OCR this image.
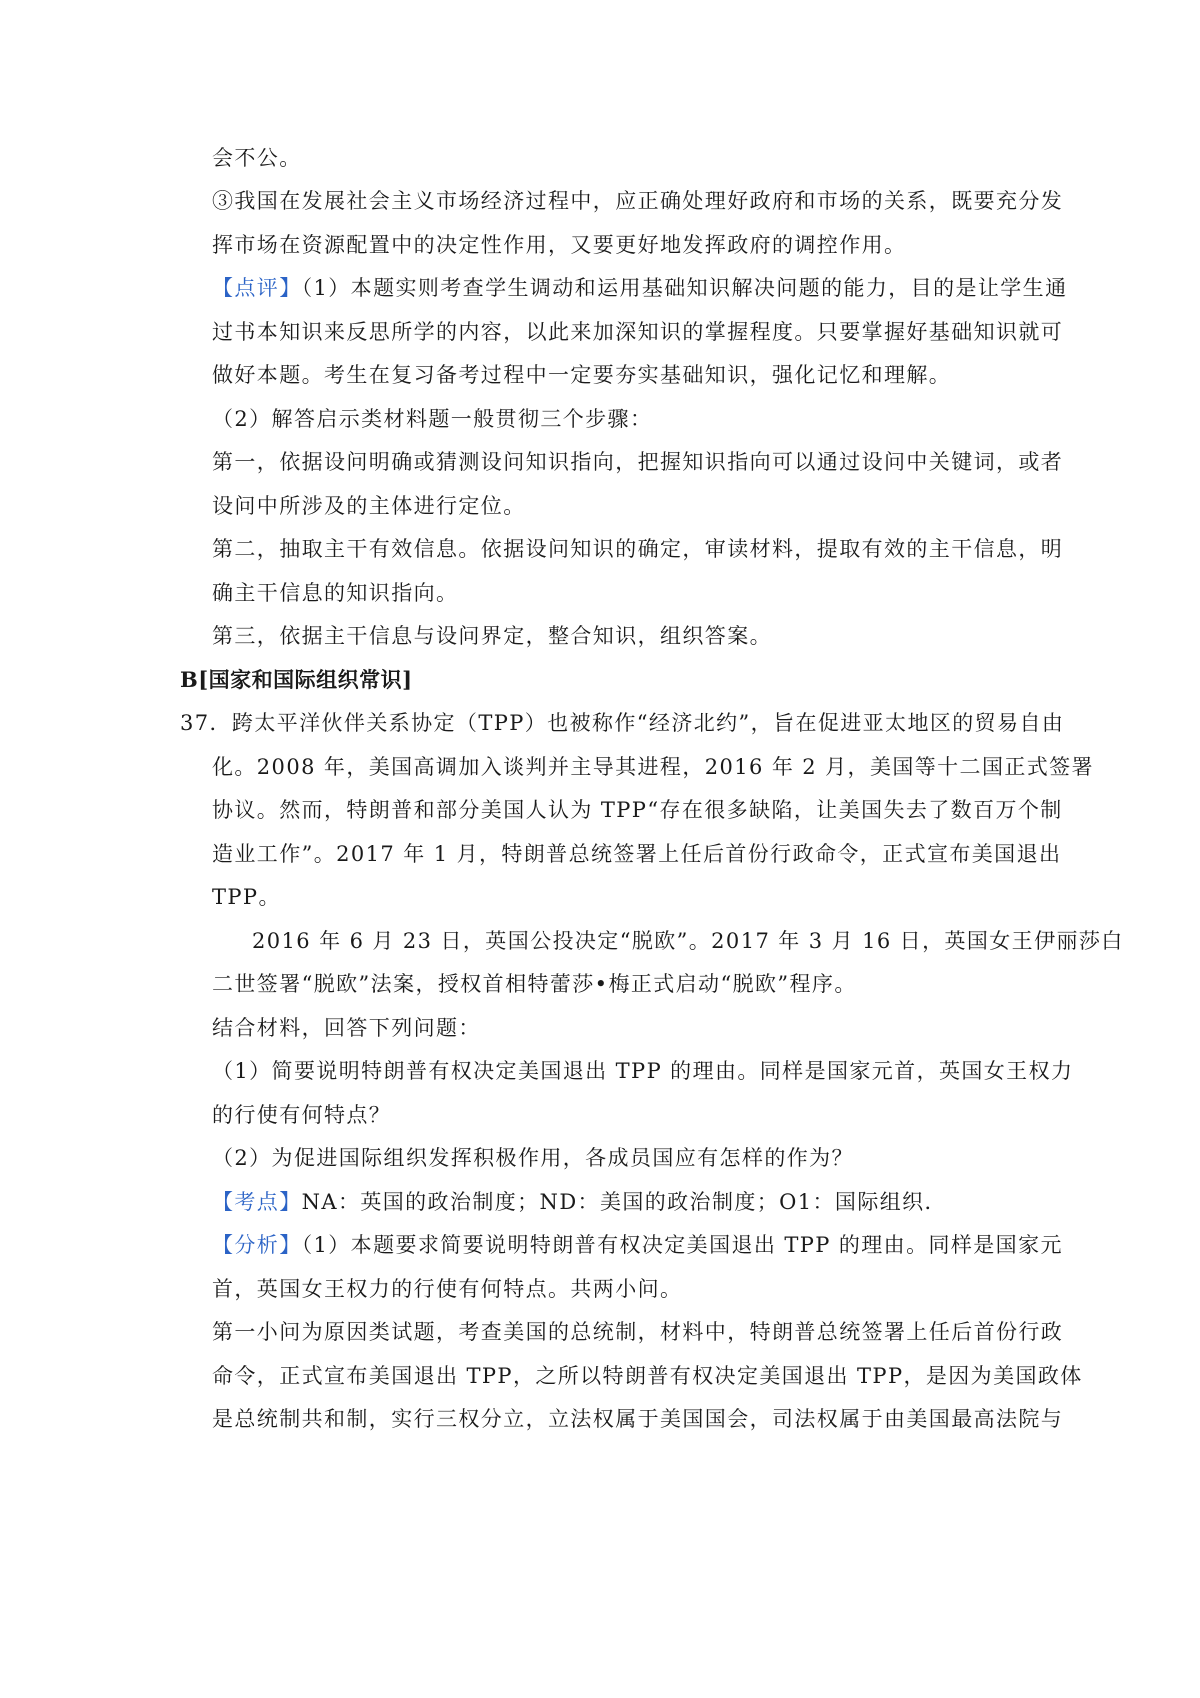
会不公。
③我国在发展社会主义市场经济过程中，应正确处理好政府和市场的关系，既要充分发
挥市场在资源配置中的决定性作用，又要更好地发挥政府的调控作用。
【点评】（1）本题实则考查学生调动和运用基础知识解决问题的能力，目的是让学生通
过书本知识来反思所学的内容，以此来加深知识的掌握程度。只要掌握好基础知识就可
做好本题。考生在复习备考过程中一定要夯实基础知识，强化记忆和理解。
（2）解答启示类材料题一般贯彻三个步骤：
第一，依据设问明确或猜测设问知识指向，把握知识指向可以通过设问中关键词，或者
设问中所涉及的主体进行定位。
第二，抽取主干有效信息。依据设问知识的确定，审读材料，提取有效的主干信息，明
确主干信息的知识指向。
第三，依据主干信息与设问界定，整合知识，组织答案。
B[国家和国际组织常识]
37．跨太平洋伙伴关系协定（TPP）也被称作“经济北约”，旨在促进亚太地区的贸易自由
化。2008 年，美国高调加入谈判并主导其进程，2016 年 2 月，美国等十二国正式签署
协议。然而，特朗普和部分美国人认为 TPP“存在很多缺陷，让美国失去了数百万个制
造业工作”。2017 年 1 月，特朗普总统签署上任后首份行政命令，正式宣布美国退出
TPP。
2016 年 6 月 23 日，英国公投决定“脱欧”。2017 年 3 月 16 日，英国女王伊丽莎白
二世签署“脱欧”法案，授权首相特蕾莎•梅正式启动“脱欧”程序。
结合材料，回答下列问题：
（1）简要说明特朗普有权决定美国退出 TPP 的理由。同样是国家元首，英国女王权力
的行使有何特点？
（2）为促进国际组织发挥积极作用，各成员国应有怎样的作为？
【考点】NA：英国的政治制度；ND：美国的政治制度；O1：国际组织．
【分析】（1）本题要求简要说明特朗普有权决定美国退出 TPP 的理由。同样是国家元
首，英国女王权力的行使有何特点。共两小问。
第一小问为原因类试题，考查美国的总统制，材料中，特朗普总统签署上任后首份行政
命令，正式宣布美国退出 TPP，之所以特朗普有权决定美国退出 TPP，是因为美国政体
是总统制共和制，实行三权分立，立法权属于美国国会，司法权属于由美国最高法院与
